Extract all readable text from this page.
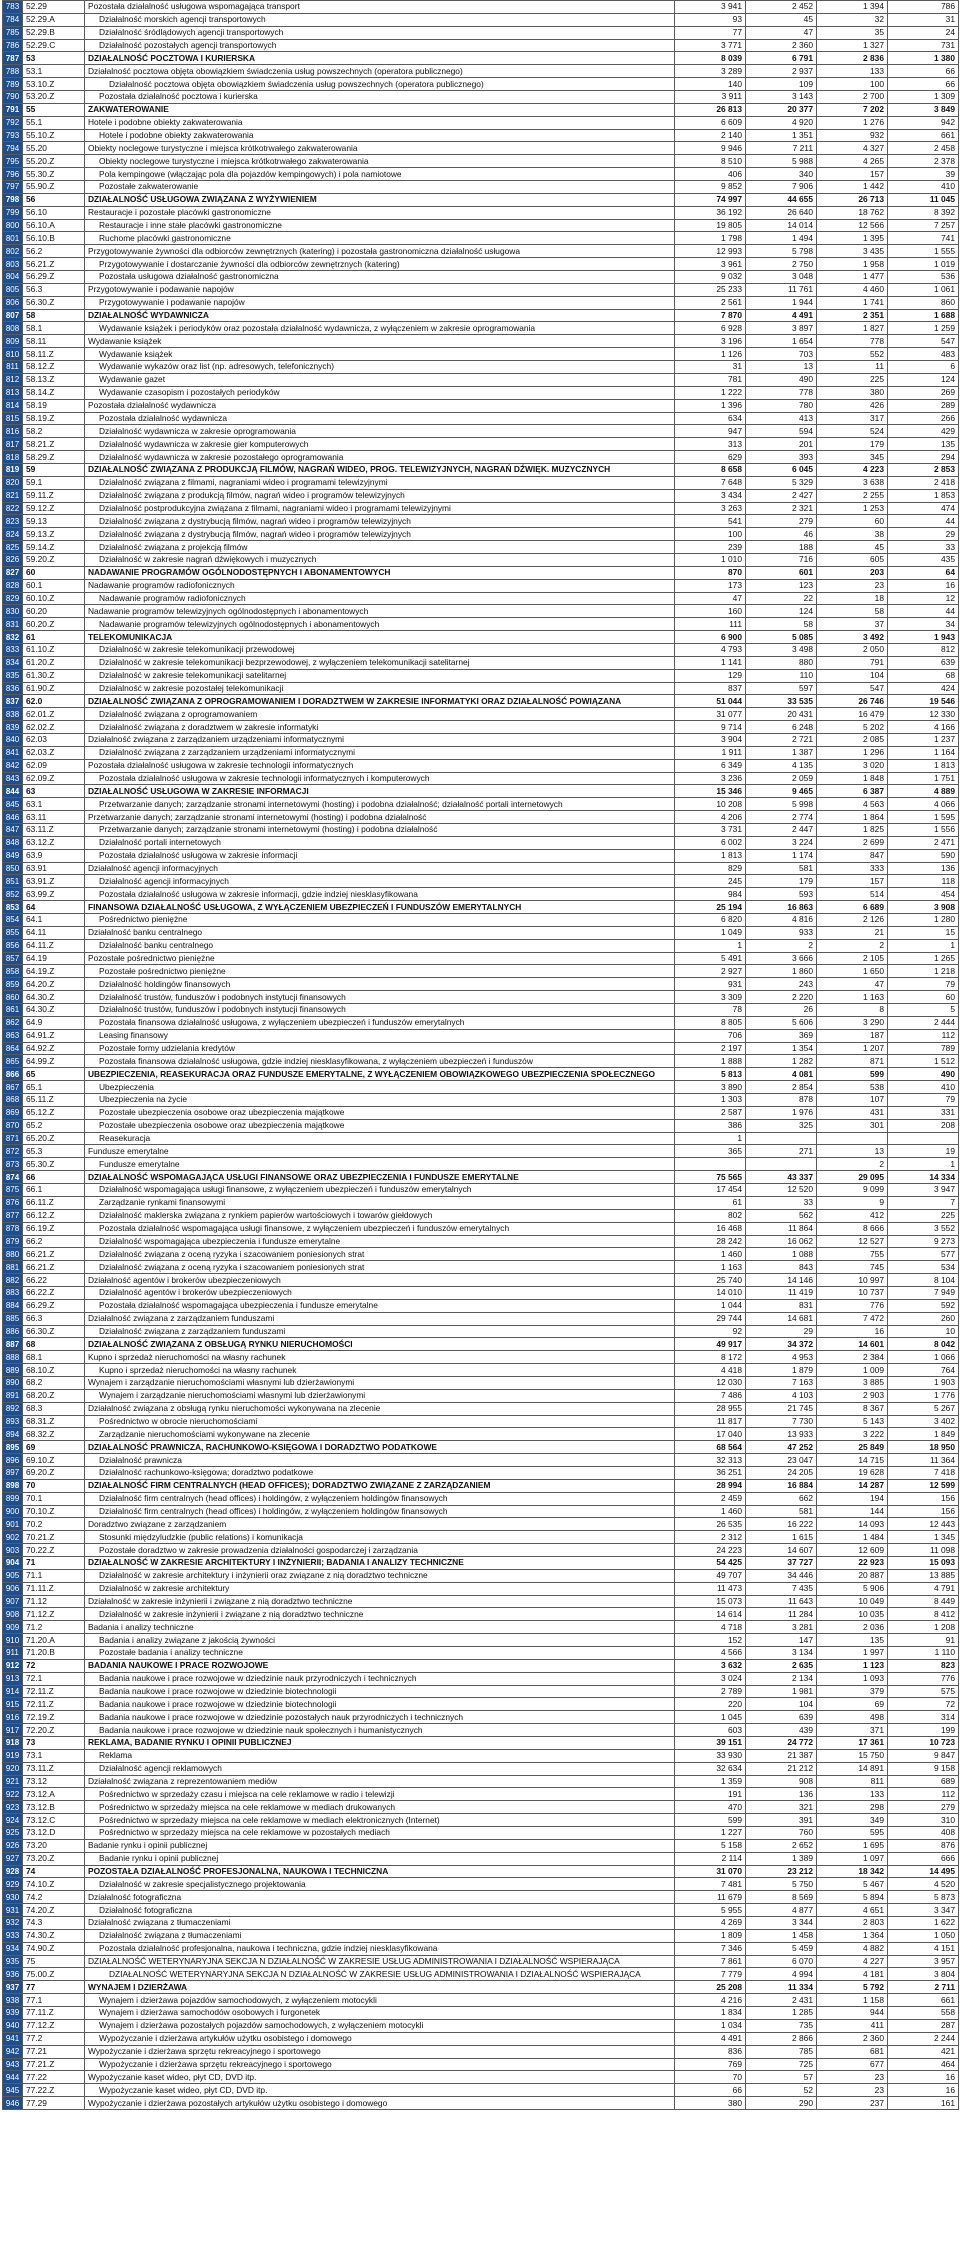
783	52.29	Pozostała działalność usługowa wspomagająca transport	3 941	2 452	1 394	786
784	52.29.A	Działalność morskich agencji transportowych	93	45	32	31
785	52.29.B	Działalność śródlądowych agencji transportowych	77	47	35	24
786	52.29.C	Działalność pozostałych agencji transportowych	3 771	2 360	1 327	731
787	53	DZIAŁALNOŚĆ POCZTOWA I KURIERSKA	8 039	6 791	2 836	1 380
788	53.1	Działalność pocztowa objęta obowiązkiem świadczenia usług powszechnych (operatora publicznego)	3 289	2 937	133	66
789	53.10.Z	Działalność pocztowa objęta obowiązkiem świadczenia usług powszechnych (operatora publicznego)	140	109	100	66
790	53.20.Z	Pozostała działalność pocztowa i kurierska	3 911	3 143	2 700	1 309
791	55	ZAKWATEROWANIE	26 813	20 377	7 202	3 849
792	55.1	Hotele i podobne obiekty zakwaterowania	6 609	4 920	1 276	942
793	55.10.Z	Hotele i podobne obiekty zakwaterowania	2 140	1 351	932	661
794	55.20	Obiekty noclegowe turystyczne i miejsca krótkotrwałego zakwaterowania	9 946	7 211	4 327	2 458
795	55.20.Z	Obiekty noclegowe turystyczne i miejsca krótkotrwałego zakwaterowania	8 510	5 988	4 265	2 378
796	55.30.Z	Pola kempingowe (włączając pola dla pojazdów kempingowych) i pola namiotowe	406	340	157	39
797	55.90.Z	Pozostałe zakwaterowanie	9 852	7 906	1 442	410
798	56	DZIAŁALNOŚĆ USŁUGOWA ZWIĄZANA Z WYŻYWIENIEM	74 997	44 655	26 713	11 045
799	56.10	Restauracje i pozostałe placówki gastronomiczne	36 192	26 640	18 762	8 392
800	56.10.A	Restauracje i inne stałe placówki gastronomiczne	19 805	14 014	12 566	7 257
801	56.10.B	Ruchome placówki gastronomiczne	1 798	1 494	1 395	741
802	56.2	Przygotowywanie żywności dla odbiorców zewnętrznych (katering) i pozostała gastronomiczna działalność usługowa	12 993	5 798	3 435	1 555
803	56.21.Z	Przygotowywanie i dostarczanie żywności dla odbiorców zewnętrznych (katering)	3 961	2 750	1 958	1 019
804	56.29.Z	Pozostała usługowa działalność gastronomiczna	9 032	3 048	1 477	536
805	56.3	Przygotowywanie i podawanie napojów	25 233	11 761	4 460	1 061
806	56.30.Z	Przygotowywanie i podawanie napojów	2 561	1 944	1 741	860
807	58	DZIAŁALNOŚĆ WYDAWNICZA	7 870	4 491	2 351	1 688
808	58.1	Wydawanie książek i periodyków oraz pozostała działalność wydawnicza, z wyłączeniem w zakresie oprogramowania	6 928	3 897	1 827	1 259
809	58.11	Wydawanie książek	3 196	1 654	778	547
810	58.11.Z	Wydawanie książek	1 126	703	552	483
811	58.12.Z	Wydawanie wykazów oraz list (np. adresowych, telefonicznych)	31	13	11	6
812	58.13.Z	Wydawanie gazet	781	490	225	124
813	58.14.Z	Wydawanie czasopism i pozostałych periodyków	1 222	778	380	269
814	58.19	Pozostała działalność wydawnicza	1 396	780	426	289
815	58.19.Z	Pozostała działalność wydawnicza	634	413	317	266
816	58.2	Działalność wydawnicza w zakresie oprogramowania	947	594	524	429
817	58.21.Z	Działalność wydawnicza w zakresie gier komputerowych	313	201	179	135
818	58.29.Z	Działalność wydawnicza w zakresie pozostałego oprogramowania	629	393	345	294
819	59	DZIAŁALNOŚĆ ZWIĄZANA Z PRODUKCJĄ FILMÓW, NAGRAŃ WIDEO, PROG. TELEWIZYJNYCH, NAGRAŃ DŹWIĘK. MUZYCZNYCH	8 658	6 045	4 223	2 853
820	59.1	Działalność związana z filmami, nagraniami wideo i programami telewizyjnymi	7 648	5 329	3 638	2 418
821	59.11.Z	Działalność związana z produkcją filmów, nagrań wideo i programów telewizyjnych	3 434	2 427	2 255	1 853
822	59.12.Z	Działalność postprodukcyjna związana z filmami, nagraniami wideo i programami telewizyjnymi	3 263	2 321	1 253	474
823	59.13	Działalność związana z dystrybucją filmów, nagrań wideo i programów telewizyjnych	541	279	60	44
824	59.13.Z	Działalność związana z dystrybucją filmów, nagrań wideo i programów telewizyjnych	100	46	38	29
825	59.14.Z	Działalność związana z projekcją filmów	239	188	45	33
826	59.20.Z	Działalność w zakresie nagrań dźwiękowych i muzycznych	1 010	716	605	435
827	60	NADAWANIE PROGRAMÓW OGÓLNODOSTĘPNYCH I ABONAMENTOWYCH	870	601	203	64
828	60.1	Nadawanie programów radiofonicznych	173	123	23	16
829	60.10.Z	Nadawanie programów radiofonicznych	47	22	18	12
830	60.20	Nadawanie programów telewizyjnych ogólnodostępnych i abonamentowych	160	124	58	44
831	60.20.Z	Nadawanie programów telewizyjnych ogólnodostępnych i abonamentowych	111	58	37	34
832	61	TELEKOMUNIKACJA	6 900	5 085	3 492	1 943
833	61.10.Z	Działalność w zakresie telekomunikacji przewodowej	4 793	3 498	2 050	812
834	61.20.Z	Działalność w zakresie telekomunikacji bezprzewodowej, z wyłączeniem telekomunikacji satelitarnej	1 141	880	791	639
835	61.30.Z	Działalność w zakresie telekomunikacji satelitarnej	129	110	104	68
836	61.90.Z	Działalność w zakresie pozostałej telekomunikacji	837	597	547	424
837	62.0	DZIAŁALNOŚĆ ZWIĄZANA Z OPROGRAMOWANIEM I DORADZTWEM W ZAKRESIE INFORMATYKI ORAZ DZIAŁALNOŚĆ POWIĄZANA	51 044	33 535	26 746	19 546
838	62.01.Z	Działalność związana z oprogramowaniem	31 077	20 431	16 479	12 330
839	62.02.Z	Działalność związana z doradztwem w zakresie informatyki	9 714	6 248	5 202	4 166
840	62.03	Działalność związana z zarządzaniem urządzeniami informatycznymi	3 904	2 721	2 085	1 237
841	62.03.Z	Działalność związana z zarządzaniem urządzeniami informatycznymi	1 911	1 387	1 296	1 164
842	62.09	Pozostała działalność usługowa w zakresie technologii informatycznych	6 349	4 135	3 020	1 813
843	62.09.Z	Pozostała działalność usługowa w zakresie technologii informatycznych i komputerowych	3 236	2 059	1 848	1 751
844	63	DZIAŁALNOŚĆ USŁUGOWA W ZAKRESIE INFORMACJI	15 346	9 465	6 387	4 889
845	63.1	Przetwarzanie danych; zarządzanie stronami internetowymi (hosting) i podobna działalność; działalność portali internetowych	10 208	5 998	4 563	4 066
846	63.11	Przetwarzanie danych; zarządzanie stronami internetowymi (hosting) i podobna działalność	4 206	2 774	1 864	1 595
847	63.11.Z	Przetwarzanie danych; zarządzanie stronami internetowymi (hosting) i podobna działalność	3 731	2 447	1 825	1 556
848	63.12.Z	Działalność portali internetowych	6 002	3 224	2 699	2 471
849	63.9	Pozostała działalność usługowa w zakresie informacji	1 813	1 174	847	590
850	63.91	Działalność agencji informacyjnych	829	581	333	136
851	63.91.Z	Działalność agencji informacyjnych	245	179	157	118
852	63.99.Z	Pozostała działalność usługowa w zakresie informacji, gdzie indziej niesklasyfikowana	984	593	514	454
853	64	FINANSOWA DZIAŁALNOŚĆ USŁUGOWA, Z WYŁĄCZENIEM UBEZPIECZEŃ I FUNDUSZÓW EMERYTALNYCH	25 194	16 863	6 689	3 908
854	64.1	Pośrednictwo pieniężne	6 820	4 816	2 126	1 280
855	64.11	Działalność banku centralnego	1 049	933	21	15
856	64.11.Z	Działalność banku centralnego	1	2	2	1
857	64.19	Pozostałe pośrednictwo pieniężne	5 491	3 666	2 105	1 265
858	64.19.Z	Pozostałe pośrednictwo pieniężne	2 927	1 860	1 650	1 218
859	64.20.Z	Działalność holdingów finansowych	931	243	47	79
860	64.30.Z	Działalność trustów, funduszów i podobnych instytucji finansowych	3 309	2 220	1 163	60
861	64.30.Z	Działalność trustów, funduszów i podobnych instytucji finansowych	78	26	8	5
862	64.9	Pozostała finansowa działalność usługowa, z wyłączeniem ubezpieczeń i funduszów emerytalnych	8 805	5 606	3 290	2 444
863	64.91.Z	Leasing finansowy	706	369	187	112
864	64.92.Z	Pozostałe formy udzielania kredytów	2 197	1 354	1 207	789
865	64.99.Z	Pozostała finansowa działalność usługowa, gdzie indziej niesklasyfikowana, z wyłączeniem ubezpieczeń i funduszów	1 888	1 282	871	1 512
866	65	UBEZPIECZENIA, REASEKURACJA ORAZ FUNDUSZE EMERYTALNE, Z WYŁĄCZENIEM OBOWIĄZKOWEGO UBEZPIECZENIA SPOŁECZNEGO	5 813	4 081	599	490
867	65.1	Ubezpieczenia	3 890	2 854	538	410
868	65.11.Z	Ubezpieczenia na życie	1 303	878	107	79
869	65.12.Z	Pozostałe ubezpieczenia osobowe oraz ubezpieczenia majątkowe	2 587	1 976	431	331
870	65.2	Pozostałe ubezpieczenia osobowe oraz ubezpieczenia majątkowe	386	325	301	208
871	65.20.Z	Reasekuracja	1			
872	65.3	Fundusze emerytalne	365	271	13	19
873	65.30.Z	Fundusze emerytalne			2	1
874	66	DZIAŁALNOŚĆ WSPOMAGAJĄCA USŁUGI FINANSOWE ORAZ UBEZPIECZENIA I FUNDUSZE EMERYTALNE	75 565	43 337	29 095	14 334
875	66.1	Działalność wspomagająca usługi finansowe, z wyłączeniem ubezpieczeń i funduszów emerytalnych	17 454	12 520	9 099	3 947
876	66.11.Z	Zarządzanie rynkami finansowymi	61	33	9	7
877	66.12.Z	Działalność maklerska związana z rynkiem papierów wartościowych i towarów giełdowych	802	562	412	225
878	66.19.Z	Pozostała działalność wspomagająca usługi finansowe, z wyłączeniem ubezpieczeń i funduszów emerytalnych	16 468	11 864	8 666	3 552
879	66.2	Działalność wspomagająca ubezpieczenia i fundusze emerytalne	28 242	16 062	12 527	9 273
880	66.21.Z	Działalność związana z oceną ryzyka i szacowaniem poniesionych strat	1 460	1 088	755	577
881	66.21.Z	Działalność związana z oceną ryzyka i szacowaniem poniesionych strat	1 163	843	745	534
882	66.22	Działalność agentów i brokerów ubezpieczeniowych	25 740	14 146	10 997	8 104
883	66.22.Z	Działalność agentów i brokerów ubezpieczeniowych	14 010	11 419	10 737	7 949
884	66.29.Z	Pozostała działalność wspomagająca ubezpieczenia i fundusze emerytalne	1 044	831	776	592
885	66.3	Działalność związana z zarządzaniem funduszami	29 744	14 681	7 472	260
886	66.30.Z	Działalność związana z zarządzaniem funduszami	92	29	16	10
887	68	DZIAŁALNOŚĆ ZWIĄZANA Z OBSŁUGĄ RYNKU NIERUCHOMOŚCI	49 917	34 372	14 601	8 042
888	68.1	Kupno i sprzedaż nieruchomości na własny rachunek	8 172	4 953	2 384	1 066
889	68.10.Z	Kupno i sprzedaż nieruchomości na własny rachunek	4 418	1 879	1 009	764
890	68.2	Wynajem i zarządzanie nieruchomościami własnymi lub dzierżawionymi	12 030	7 163	3 885	1 903
891	68.20.Z	Wynajem i zarządzanie nieruchomościami własnymi lub dzierżawionymi	7 486	4 103	2 903	1 776
892	68.3	Działalność związana z obsługą rynku nieruchomości wykonywana na zlecenie	28 955	21 745	8 367	5 267
893	68.31.Z	Pośrednictwo w obrocie nieruchomościami	11 817	7 730	5 143	3 402
894	68.32.Z	Zarządzanie nieruchomościami wykonywane na zlecenie	17 040	13 933	3 222	1 849
895	69	DZIAŁALNOŚĆ PRAWNICZA, RACHUNKOWO-KSIĘGOWA I DORADZTWO PODATKOWE	68 564	47 252	25 849	18 950
896	69.10.Z	Działalność prawnicza	32 313	23 047	14 715	11 364
897	69.20.Z	Działalność rachunkowo-księgowa; doradztwo podatkowe	36 251	24 205	19 628	7 418
898	70	DZIAŁALNOŚĆ FIRM CENTRALNYCH (HEAD OFFICES); DORADZTWO ZWIĄZANE Z ZARZĄDZANIEM	28 994	16 884	14 287	12 599
899	70.1	Działalność firm centralnych (head offices) i holdingów, z wyłączeniem holdingów finansowych	2 459	662	194	156
900	70.10.Z	Działalność firm centralnych (head offices) i holdingów, z wyłączeniem holdingów finansowych	1 460	581	144	156
901	70.2	Doradztwo związane z zarządzaniem	26 535	16 222	14 093	12 443
902	70.21.Z	Stosunki międzyludzkie (public relations) i komunikacja	2 312	1 615	1 484	1 345
903	70.22.Z	Pozostałe doradztwo w zakresie prowadzenia działalności gospodarczej i zarządzania	24 223	14 607	12 609	11 098
904	71	DZIAŁALNOŚĆ W ZAKRESIE ARCHITEKTURY I INŻYNIERII; BADANIA I ANALIZY TECHNICZNE	54 425	37 727	22 923	15 093
905	71.1	Działalność w zakresie architektury i inżynierii oraz związane z nią doradztwo techniczne	49 707	34 446	20 887	13 885
906	71.11.Z	Działalność w zakresie architektury	11 473	7 435	5 906	4 791
907	71.12	Działalność w zakresie inżynierii i związane z nią doradztwo techniczne	15 073	11 643	10 049	8 449
908	71.12.Z	Działalność w zakresie inżynierii i związane z nią doradztwo techniczne	14 614	11 284	10 035	8 412
909	71.2	Badania i analizy techniczne	4 718	3 281	2 036	1 208
910	71.20.A	Badania i analizy związane z jakością żywności	152	147	135	91
911	71.20.B	Pozostałe badania i analizy techniczne	4 566	3 134	1 997	1 110
912	72	BADANIA NAUKOWE I PRACE ROZWOJOWE	3 632	2 635	1 123	823
913	72.1	Badania naukowe i prace rozwojowe w dziedzinie nauk przyrodniczych i technicznych	3 024	2 134	1 093	776
914	72.11.Z	Badania naukowe i prace rozwojowe w dziedzinie biotechnologii	2 789	1 981	379	575
915	72.11.Z	Badania naukowe i prace rozwojowe w dziedzinie biotechnologii	220	104	69	72
916	72.19.Z	Badania naukowe i prace rozwojowe w dziedzinie pozostałych nauk przyrodniczych i technicznych	1 045	639	498	314
917	72.20.Z	Badania naukowe i prace rozwojowe w dziedzinie nauk społecznych i humanistycznych	603	439	371	199
918	73	REKLAMA, BADANIE RYNKU I OPINII PUBLICZNEJ	39 151	24 772	17 361	10 723
919	73.1	Reklama	33 930	21 387	15 750	9 847
920	73.11.Z	Działalność agencji reklamowych	32 634	21 212	14 891	9 158
921	73.12	Działalność związana z reprezentowaniem mediów	1 359	908	811	689
922	73.12.A	Pośrednictwo w sprzedaży czasu i miejsca na cele reklamowe w radio i telewizji	191	136	133	112
923	73.12.B	Pośrednictwo w sprzedaży miejsca na cele reklamowe w mediach drukowanych	470	321	298	279
924	73.12.C	Pośrednictwo w sprzedaży miejsca na cele reklamowe w mediach elektronicznych (Internet)	599	391	349	310
925	73.12.D	Pośrednictwo w sprzedaży miejsca na cele reklamowe w pozostałych mediach	1 227	760	595	408
926	73.20	Badanie rynku i opinii publicznej	5 158	2 652	1 695	876
927	73.20.Z	Badanie rynku i opinii publicznej	2 114	1 389	1 097	666
928	74	POZOSTAŁA DZIAŁALNOŚĆ PROFESJONALNA, NAUKOWA I TECHNICZNA	31 070	23 212	18 342	14 495
929	74.10.Z	Działalność w zakresie specjalistycznego projektowania	7 481	5 750	5 467	4 520
930	74.2	Działalność fotograficzna	11 679	8 569	5 894	5 873
931	74.20.Z	Działalność fotograficzna	5 955	4 877	4 651	3 347
932	74.3	Działalność związana z tłumaczeniami	4 269	3 344	2 803	1 622
933	74.30.Z	Działalność związana z tłumaczeniami	1 809	1 458	1 364	1 050
934	74.90.Z	Pozostała działalność profesjonalna, naukowa i techniczna, gdzie indziej niesklasyfikowana	7 346	5 459	4 882	4 151
935	75	DZIAŁALNOŚĆ WETERYNARYJNA SEKCJA N DZIAŁALNOŚĆ W ZAKRESIE USŁUG ADMINISTROWANIA I DZIAŁALNOŚĆ WSPIERAJĄCA	7 861	6 070	4 227	3 957
936	75.00.Z	DZIAŁALNOŚĆ WETERYNARYJNA SEKCJA N DZIAŁALNOŚĆ W ZAKRESIE USŁUG ADMINISTROWANIA I DZIAŁALNOŚĆ WSPIERAJĄCA	7 779	4 994	4 181	3 804
937	77	WYNAJEM I DZIERŻAWA	25 208	11 334	5 792	2 711
938	77.1	Wynajem i dzierżawa pojazdów samochodowych, z wyłączeniem motocykli	4 216	2 431	1 158	661
939	77.11.Z	Wynajem i dzierżawa samochodów osobowych i furgonetek	1 834	1 285	944	558
940	77.12.Z	Wynajem i dzierżawa pozostałych pojazdów samochodowych, z wyłączeniem motocykli	1 034	735	411	287
941	77.2	Wypożyczanie i dzierżawa artykułów użytku osobistego i domowego	4 491	2 866	2 360	2 244
942	77.21	Wypożyczanie i dzierżawa sprzętu rekreacyjnego i sportowego	836	785	681	421
943	77.21.Z	Wypożyczanie i dzierżawa sprzętu rekreacyjnego i sportowego	769	725	677	464
944	77.22	Wypożyczanie kaset wideo, płyt CD, DVD itp.	70	57	23	16
945	77.22.Z	Wypożyczanie kaset wideo, płyt CD, DVD itp.	66	52	23	16
946	77.29	Wypożyczanie i dzierżawa pozostałych artykułów użytku osobistego i domowego	380	290	237	161
